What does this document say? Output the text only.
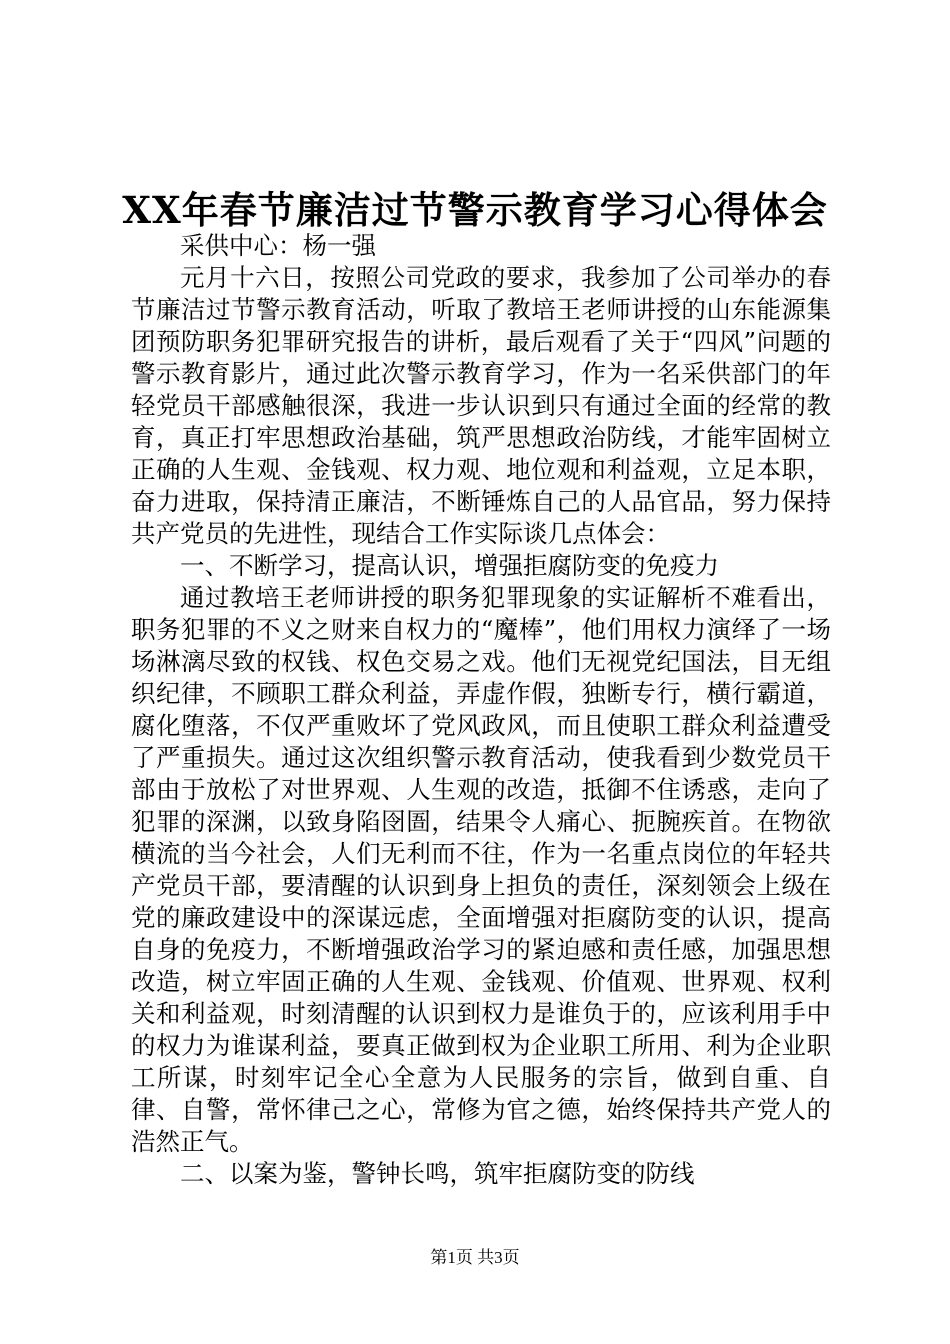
XX年春节廉洁过节警示教育学习心得体会

采供中心：杨一强

元月十六日，按照公司党政的要求，我参加了公司举办的春节廉洁过节警示教育活动，听取了教培王老师讲授的山东能源集团预防职务犯罪研究报告的讲析，最后观看了关于“四风”问题的警示教育影片，通过此次警示教育学习，作为一名采供部门的年轻党员干部感触很深，我进一步认识到只有通过全面的经常的教育，真正打牢思想政治基础，筑严思想政治防线，才能牢固树立正确的人生观、金钱观、权力观、地位观和利益观，立足本职，奋力进取，保持清正廉洁，不断锤炼自己的人品官品，努力保持共产党员的先进性，现结合工作实际谈几点体会：

一、不断学习，提高认识，增强拒腐防变的免疫力

通过教培王老师讲授的职务犯罪现象的实证解析不难看出，职务犯罪的不义之财来自权力的“魔棒”，他们用权力演绎了一场场淋漓尽致的权钱、权色交易之戏。他们无视党纪国法，目无组织纪律，不顾职工群众利益，弄虚作假，独断专行，横行霸道，腐化堕落，不仅严重败坏了党风政风，而且使职工群众利益遭受了严重损失。通过这次组织警示教育活动，使我看到少数党员干部由于放松了对世界观、人生观的改造，抵御不住诱惑，走向了犯罪的深渊，以致身陷囹圄，结果令人痛心、扼腕疾首。在物欲横流的当今社会，人们无利而不往，作为一名重点岗位的年轻共产党员干部，要清醒的认识到身上担负的责任，深刻领会上级在党的廉政建设中的深谋远虑，全面增强对拒腐防变的认识，提高自身的免疫力，不断增强政治学习的紧迫感和责任感，加强思想改造，树立牢固正确的人生观、金钱观、价值观、世界观、权利关和利益观，时刻清醒的认识到权力是谁负于的，应该利用手中的权力为谁谋利益，要真正做到权为企业职工所用、利为企业职工所谋，时刻牢记全心全意为人民服务的宗旨，做到自重、自律、自警，常怀律己之心，常修为官之德，始终保持共产党人的浩然正气。

二、以案为鉴，警钟长鸣，筑牢拒腐防变的防线

第1页 共3页
